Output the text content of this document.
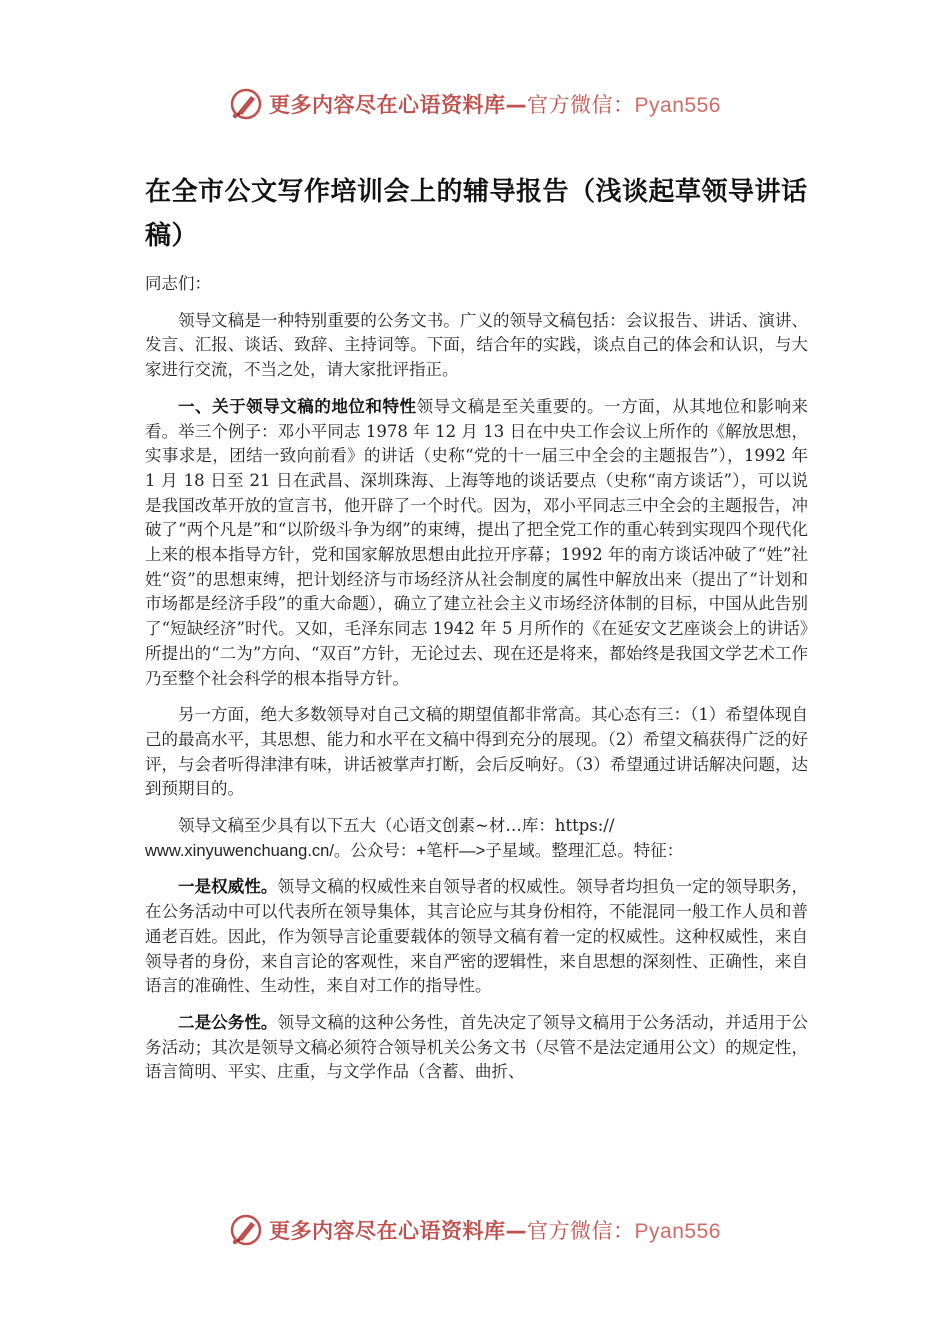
更多内容尽在心语资料库—官方微信：Pyan556
在全市公文写作培训会上的辅导报告（浅谈起草领导讲话稿）

同志们：

领导文稿是一种特别重要的公务文书。广义的领导文稿包括：会议报告、讲话、演讲、发言、汇报、谈话、致辞、主持词等。下面，结合年的实践，谈点自己的体会和认识，与大家进行交流，不当之处，请大家批评指正。

一、关于领导文稿的地位和特性领导文稿是至关重要的。一方面，从其地位和影响来看。举三个例子：邓小平同志 1978 年 12 月 13 日在中央工作会议上所作的《解放思想，实事求是，团结一致向前看》的讲话（史称“党的十一届三中全会的主题报告”），1992 年 1 月 18 日至 21 日在武昌、深圳珠海、上海等地的谈话要点（史称“南方谈话”），可以说是我国改革开放的宣言书，他开辟了一个时代。因为，邓小平同志三中全会的主题报告，冲破了“两个凡是”和“以阶级斗争为纲”的束缚，提出了把全党工作的重心转到实现四个现代化上来的根本指导方针，党和国家解放思想由此拉开序幕；1992 年的南方谈话冲破了“姓”社姓“资”的思想束缚，把计划经济与市场经济从社会制度的属性中解放出来（提出了“计划和市场都是经济手段”的重大命题），确立了建立社会主义市场经济体制的目标，中国从此告别了“短缺经济”时代。又如，毛泽东同志 1942 年 5 月所作的《在延安文艺座谈会上的讲话》所提出的“二为”方向、“双百”方针，无论过去、现在还是将来，都始终是我国文学艺术工作乃至整个社会科学的根本指导方针。

另一方面，绝大多数领导对自己文稿的期望值都非常高。其心态有三：（1）希望体现自己的最高水平，其思想、能力和水平在文稿中得到充分的展现。（2）希望文稿获得广泛的好评，与会者听得津津有味，讲话被掌声打断，会后反响好。（3）希望通过讲话解决问题，达到预期目的。

领导文稿至少具有以下五大（心语文创素~材…库：https://

www.xinyuwenchuang.cn/。公众号：+笔杆—>子星域。整理汇总。特征：

一是权威性。领导文稿的权威性来自领导者的权威性。领导者均担负一定的领导职务，在公务活动中可以代表所在领导集体，其言论应与其身份相符，不能混同一般工作人员和普通老百姓。因此，作为领导言论重要载体的领导文稿有着一定的权威性。这种权威性，来自领导者的身份，来自言论的客观性，来自严密的逻辑性，来自思想的深刻性、正确性，来自语言的准确性、生动性，来自对工作的指导性。

二是公务性。领导文稿的这种公务性，首先决定了领导文稿用于公务活动，并适用于公务活动；其次是领导文稿必须符合领导机关公务文书（尽管不是法定通用公文）的规定性，语言简明、平实、庄重，与文学作品（含蓄、曲折、

更多内容尽在心语资料库—官方微信：Pyan556
